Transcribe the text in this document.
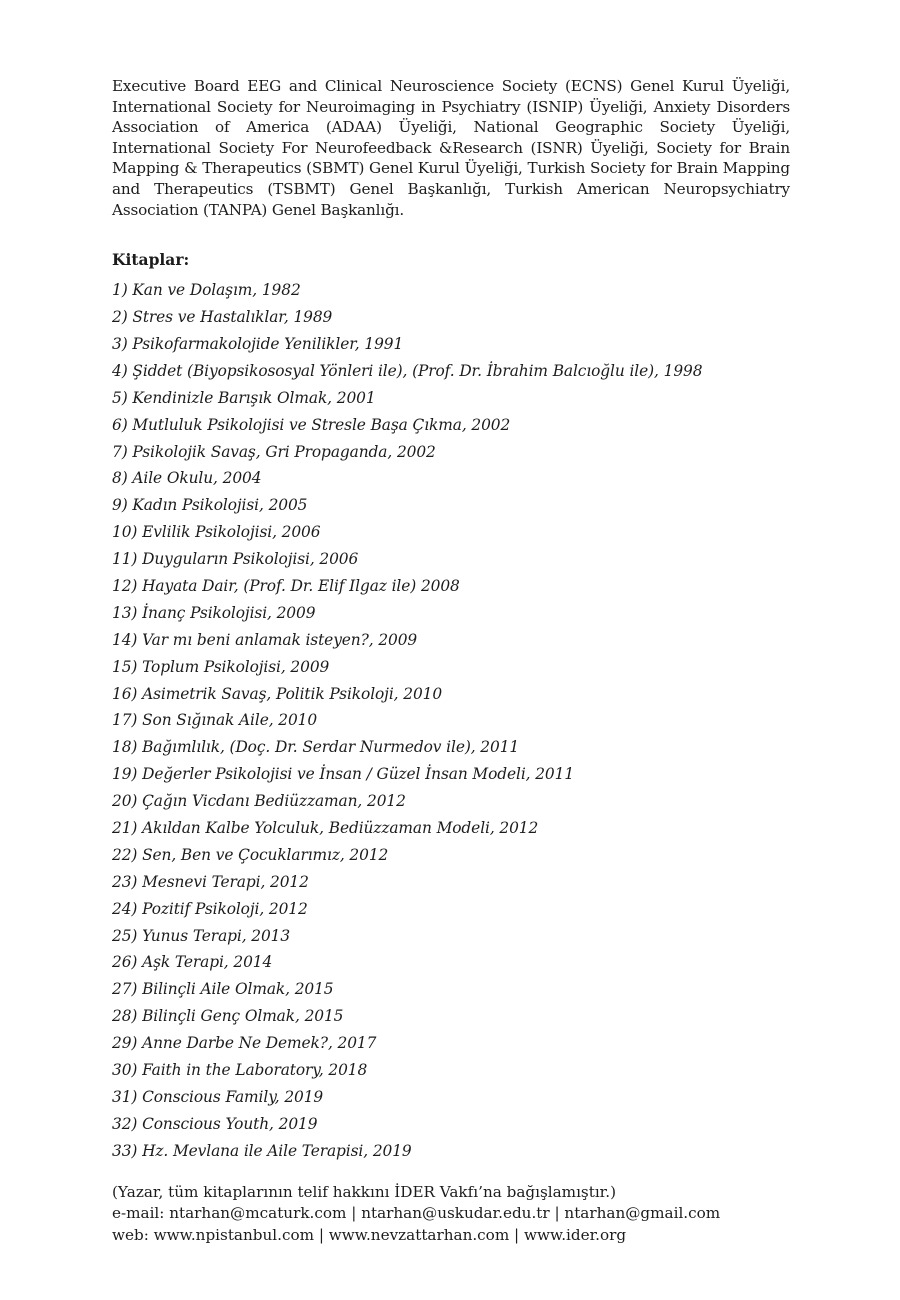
Executive Board EEG and Clinical Neuroscience Society (ECNS) Genel Kurul Üyeliği, International Society for Neuroimaging in Psychiatry (ISNIP) Üyeliği, Anxiety Disorders Association of America (ADAA) Üyeliği, National Geographic Society Üyeliği, International Society For Neurofeedback &Research (ISNR) Üyeliği, Society for Brain Mapping & Therapeutics (SBMT) Genel Kurul Üyeliği, Turkish Society for Brain Mapping and Therapeutics (TSBMT) Genel Başkanlığı, Turkish American Neuropsychiatry Association (TANPA) Genel Başkanlığı.

Kitaplar:
1) Kan ve Dolaşım, 1982
2) Stres ve Hastalıklar, 1989
3) Psikofarmakolojide Yenilikler, 1991
4) Şiddet (Biyopsikososyal Yönleri ile), (Prof. Dr. İbrahim Balcıoğlu ile), 1998
5) Kendinizle Barışık Olmak, 2001
6) Mutluluk Psikolojisi ve Stresle Başa Çıkma, 2002
7) Psikolojik Savaş, Gri Propaganda, 2002
8) Aile Okulu, 2004
9) Kadın Psikolojisi, 2005
10) Evlilik Psikolojisi, 2006
11) Duyguların Psikolojisi, 2006
12) Hayata Dair, (Prof. Dr. Elif Ilgaz ile) 2008
13) İnanç Psikolojisi, 2009
14) Var mı beni anlamak isteyen?, 2009
15) Toplum Psikolojisi, 2009
16) Asimetrik Savaş, Politik Psikoloji, 2010
17) Son Sığınak Aile, 2010
18) Bağımlılık, (Doç. Dr. Serdar Nurmedov ile), 2011
19) Değerler Psikolojisi ve İnsan / Güzel İnsan Modeli, 2011
20) Çağın Vicdanı Bediüzzaman, 2012
21) Akıldan Kalbe Yolculuk, Bediüzzaman Modeli, 2012
22) Sen, Ben ve Çocuklarımız, 2012
23) Mesnevi Terapi, 2012
24) Pozitif Psikoloji, 2012
25) Yunus Terapi, 2013
26) Aşk Terapi, 2014
27) Bilinçli Aile Olmak, 2015
28) Bilinçli Genç Olmak, 2015
29) Anne Darbe Ne Demek?, 2017
30) Faith in the Laboratory, 2018
31) Conscious Family, 2019
32) Conscious Youth, 2019
33) Hz. Mevlana ile Aile Terapisi, 2019
(Yazar, tüm kitaplarının telif hakkını İDER Vakfı’na bağışlamıştır.)
e-mail: ntarhan@mcaturk.com | ntarhan@uskudar.edu.tr | ntarhan@gmail.com
web: www.npistanbul.com | www.nevzattarhan.com | www.ider.org
